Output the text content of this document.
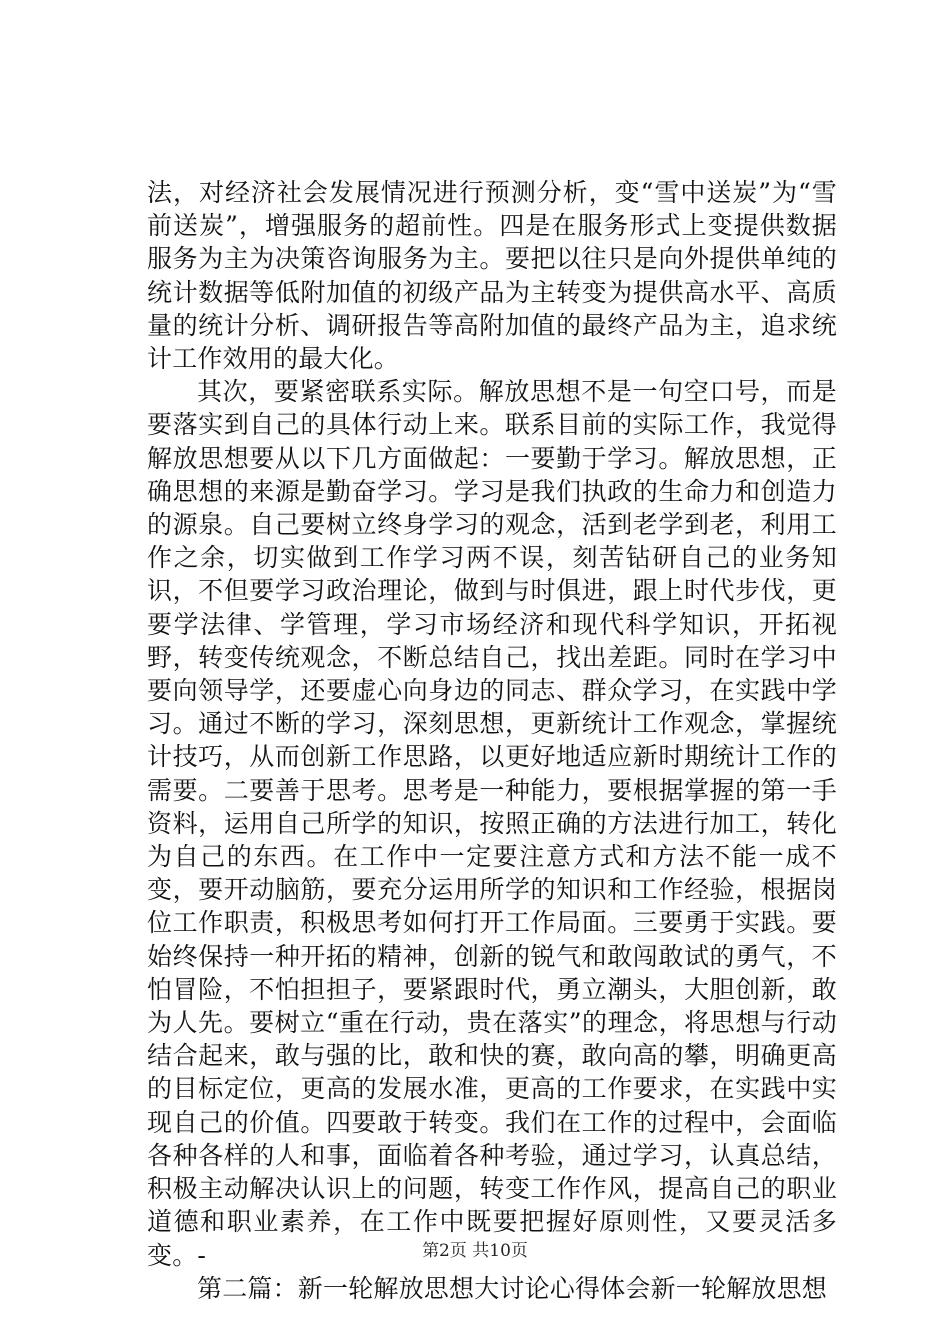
法，对经济社会发展情况进行预测分析，变“雪中送炭”为“雪前送炭”，增强服务的超前性。四是在服务形式上变提供数据服务为主为决策咨询服务为主。要把以往只是向外提供单纯的统计数据等低附加值的初级产品为主转变为提供高水平、高质量的统计分析、调研报告等高附加值的最终产品为主，追求统计工作效用的最大化。

其次，要紧密联系实际。解放思想不是一句空口号，而是要落实到自己的具体行动上来。联系目前的实际工作，我觉得解放思想要从以下几方面做起：一要勤于学习。解放思想，正确思想的来源是勤奋学习。学习是我们执政的生命力和创造力的源泉。自己要树立终身学习的观念，活到老学到老，利用工作之余，切实做到工作学习两不误，刻苦钻研自己的业务知识，不但要学习政治理论，做到与时俱进，跟上时代步伐，更要学法律、学管理，学习市场经济和现代科学知识，开拓视野，转变传统观念，不断总结自己，找出差距。同时在学习中要向领导学，还要虚心向身边的同志、群众学习，在实践中学习。通过不断的学习，深刻思想，更新统计工作观念，掌握统计技巧，从而创新工作思路，以更好地适应新时期统计工作的需要。二要善于思考。思考是一种能力，要根据掌握的第一手资料，运用自己所学的知识，按照正确的方法进行加工，转化为自己的东西。在工作中一定要注意方式和方法不能一成不变，要开动脑筋，要充分运用所学的知识和工作经验，根据岗位工作职责，积极思考如何打开工作局面。三要勇于实践。要始终保持一种开拓的精神，创新的锐气和敢闯敢试的勇气，不怕冒险，不怕担担子，要紧跟时代，勇立潮头，大胆创新，敢为人先。要树立“重在行动，贵在落实”的理念，将思想与行动结合起来，敢与强的比，敢和快的赛，敢向高的攀，明确更高的目标定位，更高的发展水准，更高的工作要求，在实践中实现自己的价值。四要敢于转变。我们在工作的过程中，会面临各种各样的人和事，面临着各种考验，通过学习，认真总结，积极主动解决认识上的问题，转变工作作风，提高自己的职业道德和职业素养，在工作中既要把握好原则性，又要灵活多变。-

第二篇：新一轮解放思想大讨论心得体会新一轮解放思想

第2页 共10页
